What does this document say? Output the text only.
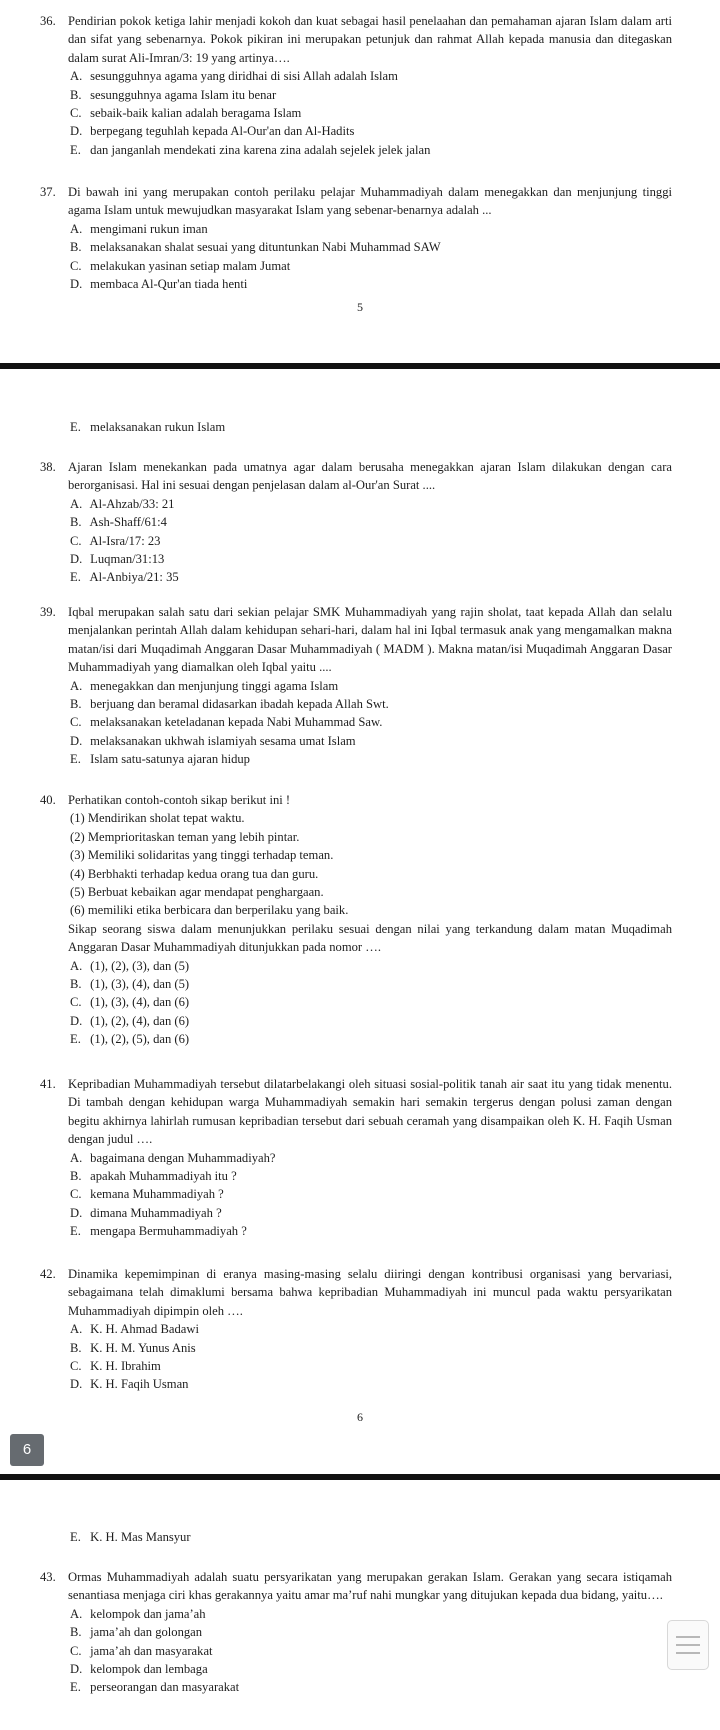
36. Pendirian pokok ketiga lahir menjadi kokoh dan kuat sebagai hasil penelaahan dan pemahaman ajaran Islam dalam arti dan sifat yang sebenarnya. Pokok pikiran ini merupakan petunjuk dan rahmat Allah kepada manusia dan ditegaskan dalam surat Ali-Imran/3: 19 yang artinya….
A. sesungguhnya agama yang diridhai di sisi Allah adalah Islam
B. sesungguhnya agama Islam itu benar
C. sebaik-baik kalian adalah beragama Islam
D. berpegang teguhlah kepada Al-Our'an dan Al-Hadits
E. dan janganlah mendekati zina karena zina adalah sejelek jelek jalan
37. Di bawah ini yang merupakan contoh perilaku pelajar Muhammadiyah dalam menegakkan dan menjunjung tinggi agama Islam untuk mewujudkan masyarakat Islam yang sebenar-benarnya adalah ...
A. mengimani rukun iman
B. melaksanakan shalat sesuai yang dituntunkan Nabi Muhammad SAW
C. melakukan yasinan setiap malam Jumat
D. membaca Al-Qur'an tiada henti
5
E. melaksanakan rukun Islam
38. Ajaran Islam menekankan pada umatnya agar dalam berusaha menegakkan ajaran Islam dilakukan dengan cara berorganisasi. Hal ini sesuai dengan penjelasan dalam al-Our'an Surat ....
A. Al-Ahzab/33: 21
B. Ash-Shaff/61:4
C. Al-Isra/17: 23
D. Luqman/31:13
E. Al-Anbiya/21: 35
39. Iqbal merupakan salah satu dari sekian pelajar SMK Muhammadiyah yang rajin sholat, taat kepada Allah dan selalu menjalankan perintah Allah dalam kehidupan sehari-hari, dalam hal ini Iqbal termasuk anak yang mengamalkan makna matan/isi dari Muqadimah Anggaran Dasar Muhammadiyah ( MADM ). Makna matan/isi Muqadimah Anggaran Dasar Muhammadiyah yang diamalkan oleh Iqbal yaitu ....
A. menegakkan dan menjunjung tinggi agama Islam
B. berjuang dan beramal didasarkan ibadah kepada Allah Swt.
C. melaksanakan keteladanan kepada Nabi Muhammad Saw.
D. melaksanakan ukhwah islamiyah sesama umat Islam
E. Islam satu-satunya ajaran hidup
40. Perhatikan contoh-contoh sikap berikut ini !
(1) Mendirikan sholat tepat waktu.
(2) Memprioritaskan teman yang lebih pintar.
(3) Memiliki solidaritas yang tinggi terhadap teman.
(4) Berbhakti terhadap kedua orang tua dan guru.
(5) Berbuat kebaikan agar mendapat penghargaan.
(6) memiliki etika berbicara dan berperilaku yang baik.
Sikap seorang siswa dalam menunjukkan perilaku sesuai dengan nilai yang terkandung dalam matan Muqadimah Anggaran Dasar Muhammadiyah ditunjukkan pada nomor ….
A. (1), (2), (3), dan (5)
B. (1), (3), (4), dan (5)
C. (1), (3), (4), dan (6)
D. (1), (2), (4), dan (6)
E. (1), (2), (5), dan (6)
41. Kepribadian Muhammadiyah tersebut dilatarbelakangi oleh situasi sosial-politik tanah air saat itu yang tidak menentu. Di tambah dengan kehidupan warga Muhammadiyah semakin hari semakin tergerus dengan polusi zaman dengan begitu akhirnya lahirlah rumusan kepribadian tersebut dari sebuah ceramah yang disampaikan oleh K. H. Faqih Usman dengan judul ….
A. bagaimana dengan Muhammadiyah?
B. apakah Muhammadiyah itu ?
C. kemana Muhammadiyah ?
D. dimana Muhammadiyah ?
E. mengapa Bermuhammadiyah ?
42. Dinamika kepemimpinan di eranya masing-masing selalu diiringi dengan kontribusi organisasi yang bervariasi, sebagaimana telah dimaklumi bersama bahwa kepribadian Muhammadiyah ini muncul pada waktu persyarikatan Muhammadiyah dipimpin oleh ….
A. K. H. Ahmad Badawi
B. K. H. M. Yunus Anis
C. K. H. Ibrahim
D. K. H. Faqih Usman
6
6
E. K. H. Mas Mansyur
43. Ormas Muhammadiyah adalah suatu persyarikatan yang merupakan gerakan Islam. Gerakan yang secara istiqamah senantiasa menjaga ciri khas gerakannya yaitu amar ma’ruf nahi mungkar yang ditujukan kepada dua bidang, yaitu….
A. kelompok dan jama’ah
B. jama’ah dan golongan
C. jama’ah dan masyarakat
D. kelompok dan lembaga
E. perseorangan dan masyarakat
